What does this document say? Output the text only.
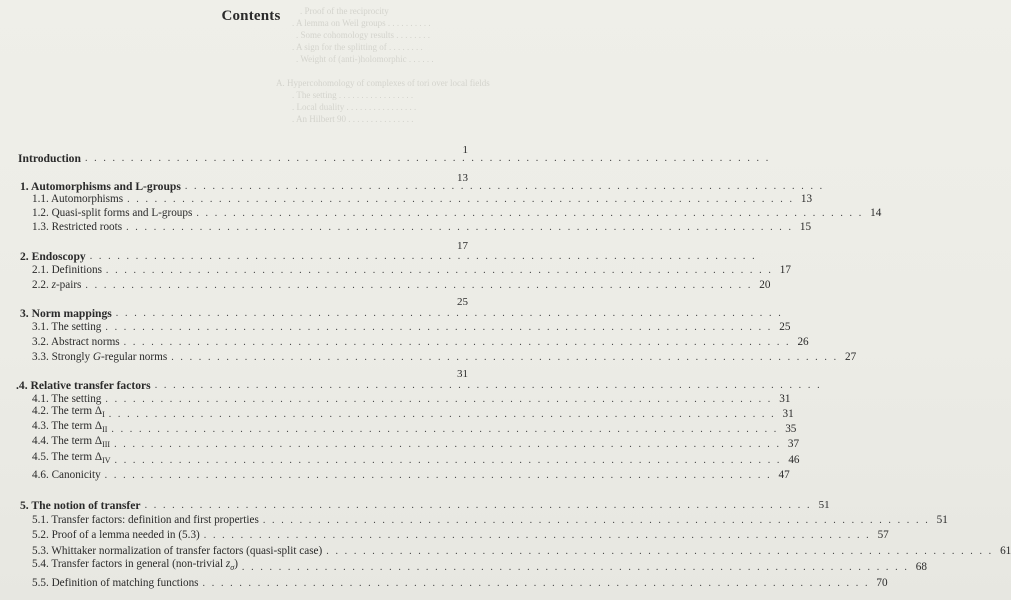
. Proof of the reciprocity
. A lemma on Weil groups . . . . . . . . . .
. Some cohomology results . . . . . . . .
. A sign for the splitting of . . . . . . . .
. Weight of (anti-)holomorphic . . . . . .
A. Hypercohomology of complexes of tori over local fields
. The setting . . . . . . . . . . . . . . . . .
. Local duality . . . . . . . . . . . . . . . .
. An Hilbert 90 . . . . . . . . . . . . . . .
Contents
Introduction . . . . . . . . . . . . . . . . . . . . . . . . . . . . . . . . . . . . . . . . . . . . . . . . . . . . . . . . . . . . . . . . . . . . . . . . . . .
1
1. Automorphisms and L-groups . . . . . . . . . . . . . . . . . . . . . . . . . . . . . . . . . . . . . . . . . . . . . . . . . . . . . . . . . . . . . . . . . . . . . .
13
1.1. Automorphisms . . . . . . . . . . . . . . . . . . . . . . . . . . . . . . . . . . . . . . . . . . . . . . . . . . . . . . . . . . . . . . . . . . . . . . . . . 13
1.2. Quasi-split forms and L-groups . . . . . . . . . . . . . . . . . . . . . . . . . . . . . . . . . . . . . . . . . . . . . . . . . . . . . . . . . . . . . . . . . . . . . . . . . 14
1.3. Restricted roots . . . . . . . . . . . . . . . . . . . . . . . . . . . . . . . . . . . . . . . . . . . . . . . . . . . . . . . . . . . . . . . . . . . . . . . . . 15
2. Endoscopy . . . . . . . . . . . . . . . . . . . . . . . . . . . . . . . . . . . . . . . . . . . . . . . . . . . . . . . . . . . . . . . . . . . . . . . . .
17
2.1. Definitions . . . . . . . . . . . . . . . . . . . . . . . . . . . . . . . . . . . . . . . . . . . . . . . . . . . . . . . . . . . . . . . . . . . . . . . . . 17
2.2. z-pairs . . . . . . . . . . . . . . . . . . . . . . . . . . . . . . . . . . . . . . . . . . . . . . . . . . . . . . . . . . . . . . . . . . . . . . . . . 20
3. Norm mappings . . . . . . . . . . . . . . . . . . . . . . . . . . . . . . . . . . . . . . . . . . . . . . . . . . . . . . . . . . . . . . . . . . . . . . . . .
25
3.1. The setting . . . . . . . . . . . . . . . . . . . . . . . . . . . . . . . . . . . . . . . . . . . . . . . . . . . . . . . . . . . . . . . . . . . . . . . . . 25
3.2. Abstract norms . . . . . . . . . . . . . . . . . . . . . . . . . . . . . . . . . . . . . . . . . . . . . . . . . . . . . . . . . . . . . . . . . . . . . . . . . 26
3.3. Strongly G-regular norms . . . . . . . . . . . . . . . . . . . . . . . . . . . . . . . . . . . . . . . . . . . . . . . . . . . . . . . . . . . . . . . . . . . . . . . . . 27
.4. Relative transfer factors . . . . . . . . . . . . . . . . . . . . . . . . . . . . . . . . . . . . . . . . . . . . . . . . . . . . . . . . . . . . . . . . . . . . . . . . .
31
4.1. The setting . . . . . . . . . . . . . . . . . . . . . . . . . . . . . . . . . . . . . . . . . . . . . . . . . . . . . . . . . . . . . . . . . . . . . . . . . 31
4.2. The term $\Delta_I$ . . . . . . . . . . . . . . . . . . . . . . . . . . . . . . . . . . . . . . . . . . . . . . . . . . . . . . . . . . . . . . . . . . . . . . . . . 31
4.3. The term $\Delta_{II}$ . . . . . . . . . . . . . . . . . . . . . . . . . . . . . . . . . . . . . . . . . . . . . . . . . . . . . . . . . . . . . . . . . . . . . . . . . 35
4.4. The term $\Delta_{III}$ . . . . . . . . . . . . . . . . . . . . . . . . . . . . . . . . . . . . . . . . . . . . . . . . . . . . . . . . . . . . . . . . . . . . . . . . . 37
4.5. The term $\Delta_{IV}$ . . . . . . . . . . . . . . . . . . . . . . . . . . . . . . . . . . . . . . . . . . . . . . . . . . . . . . . . . . . . . . . . . . . . . . . . . 46
4.6. Canonicity . . . . . . . . . . . . . . . . . . . . . . . . . . . . . . . . . . . . . . . . . . . . . . . . . . . . . . . . . . . . . . . . . . . . . . . . . 47
5. The notion of transfer . . . . . . . . . . . . . . . . . . . . . . . . . . . . . . . . . . . . . . . . . . . . . . . . . . . . . . . . . . . . . . . . . . . . . . . . . 51
5.1. Transfer factors: definition and first properties . . . . . . . . . . . . . . . . . . . . . . . . . . . . . . . . . . . . . . . . . . . . . . . . . . . . . . . . . . . . . . . . . . . . . . . . . 51
5.2. Proof of a lemma needed in (5.3) . . . . . . . . . . . . . . . . . . . . . . . . . . . . . . . . . . . . . . . . . . . . . . . . . . . . . . . . . . . . . . . . . . . . . . . . . 57
5.3. Whittaker normalization of transfer factors (quasi-split case) . . . . . . . . . . . . . . . . . . . . . . . . . . . . . . . . . . . . . . . . . . . . . . . . . . . . . . . . . . . . . . . . . . . . . . . . . 61
5.4. Transfer factors in general (non-trivial $z_\sigma$) . . . . . . . . . . . . . . . . . . . . . . . . . . . . . . . . . . . . . . . . . . . . . . . . . . . . . . . . . . . . . . . . . . . . . . . . . 68
5.5. Definition of matching functions . . . . . . . . . . . . . . . . . . . . . . . . . . . . . . . . . . . . . . . . . . . . . . . . . . . . . . . . . . . . . . . . . . . . . . . . . 70
